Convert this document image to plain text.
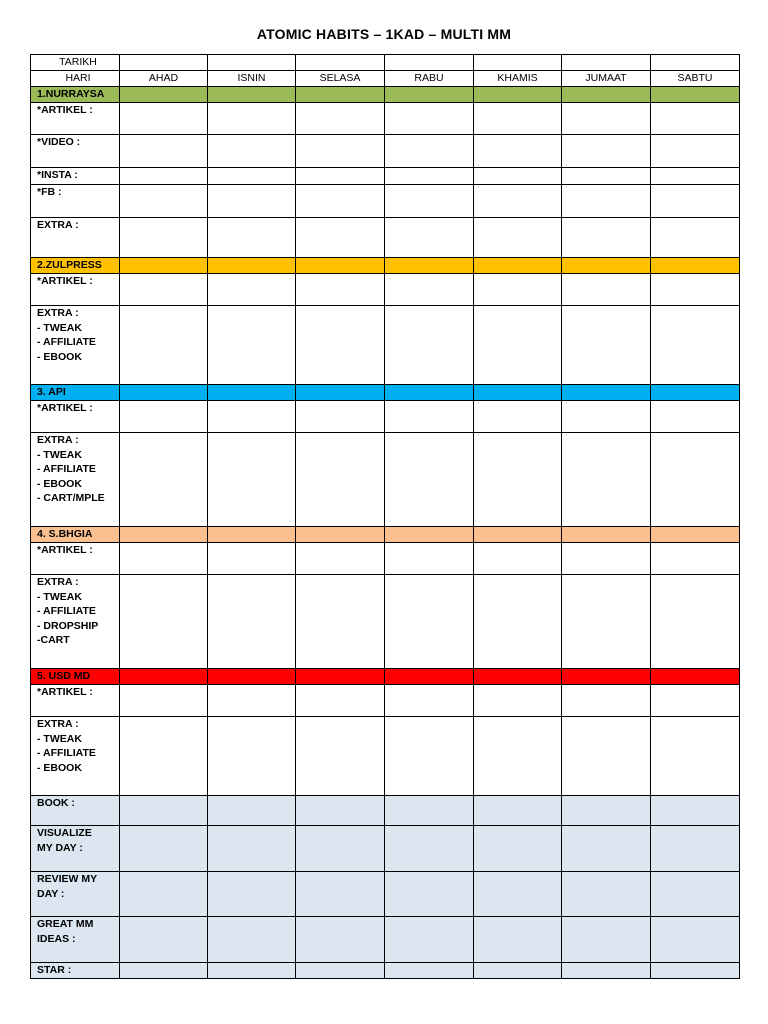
ATOMIC HABITS – 1KAD – MULTI MM
TARIKH							
HARI	AHAD	ISNIN	SELASA	RABU	KHAMIS	JUMAAT	SABTU
1.NURRAYSA							

*ARTIKEL :							

*VIDEO :							

*INSTA :							

*FB :							

EXTRA :							

2.ZULPRESS							

*ARTIKEL :							

EXTRA :
- TWEAK
- AFFILIATE
- EBOOK							

3. API							

*ARTIKEL :							

EXTRA :
- TWEAK
- AFFILIATE
- EBOOK
- CART/MPLE							

4. S.BHGIA							

*ARTIKEL :							

EXTRA :
- TWEAK
- AFFILIATE
- DROPSHIP
-CART							

5. USD MD							

*ARTIKEL :							

EXTRA :
- TWEAK
- AFFILIATE
- EBOOK							

BOOK :							

VISUALIZE
MY DAY :							

REVIEW MY
DAY :							

GREAT MM
IDEAS :							

STAR :							
